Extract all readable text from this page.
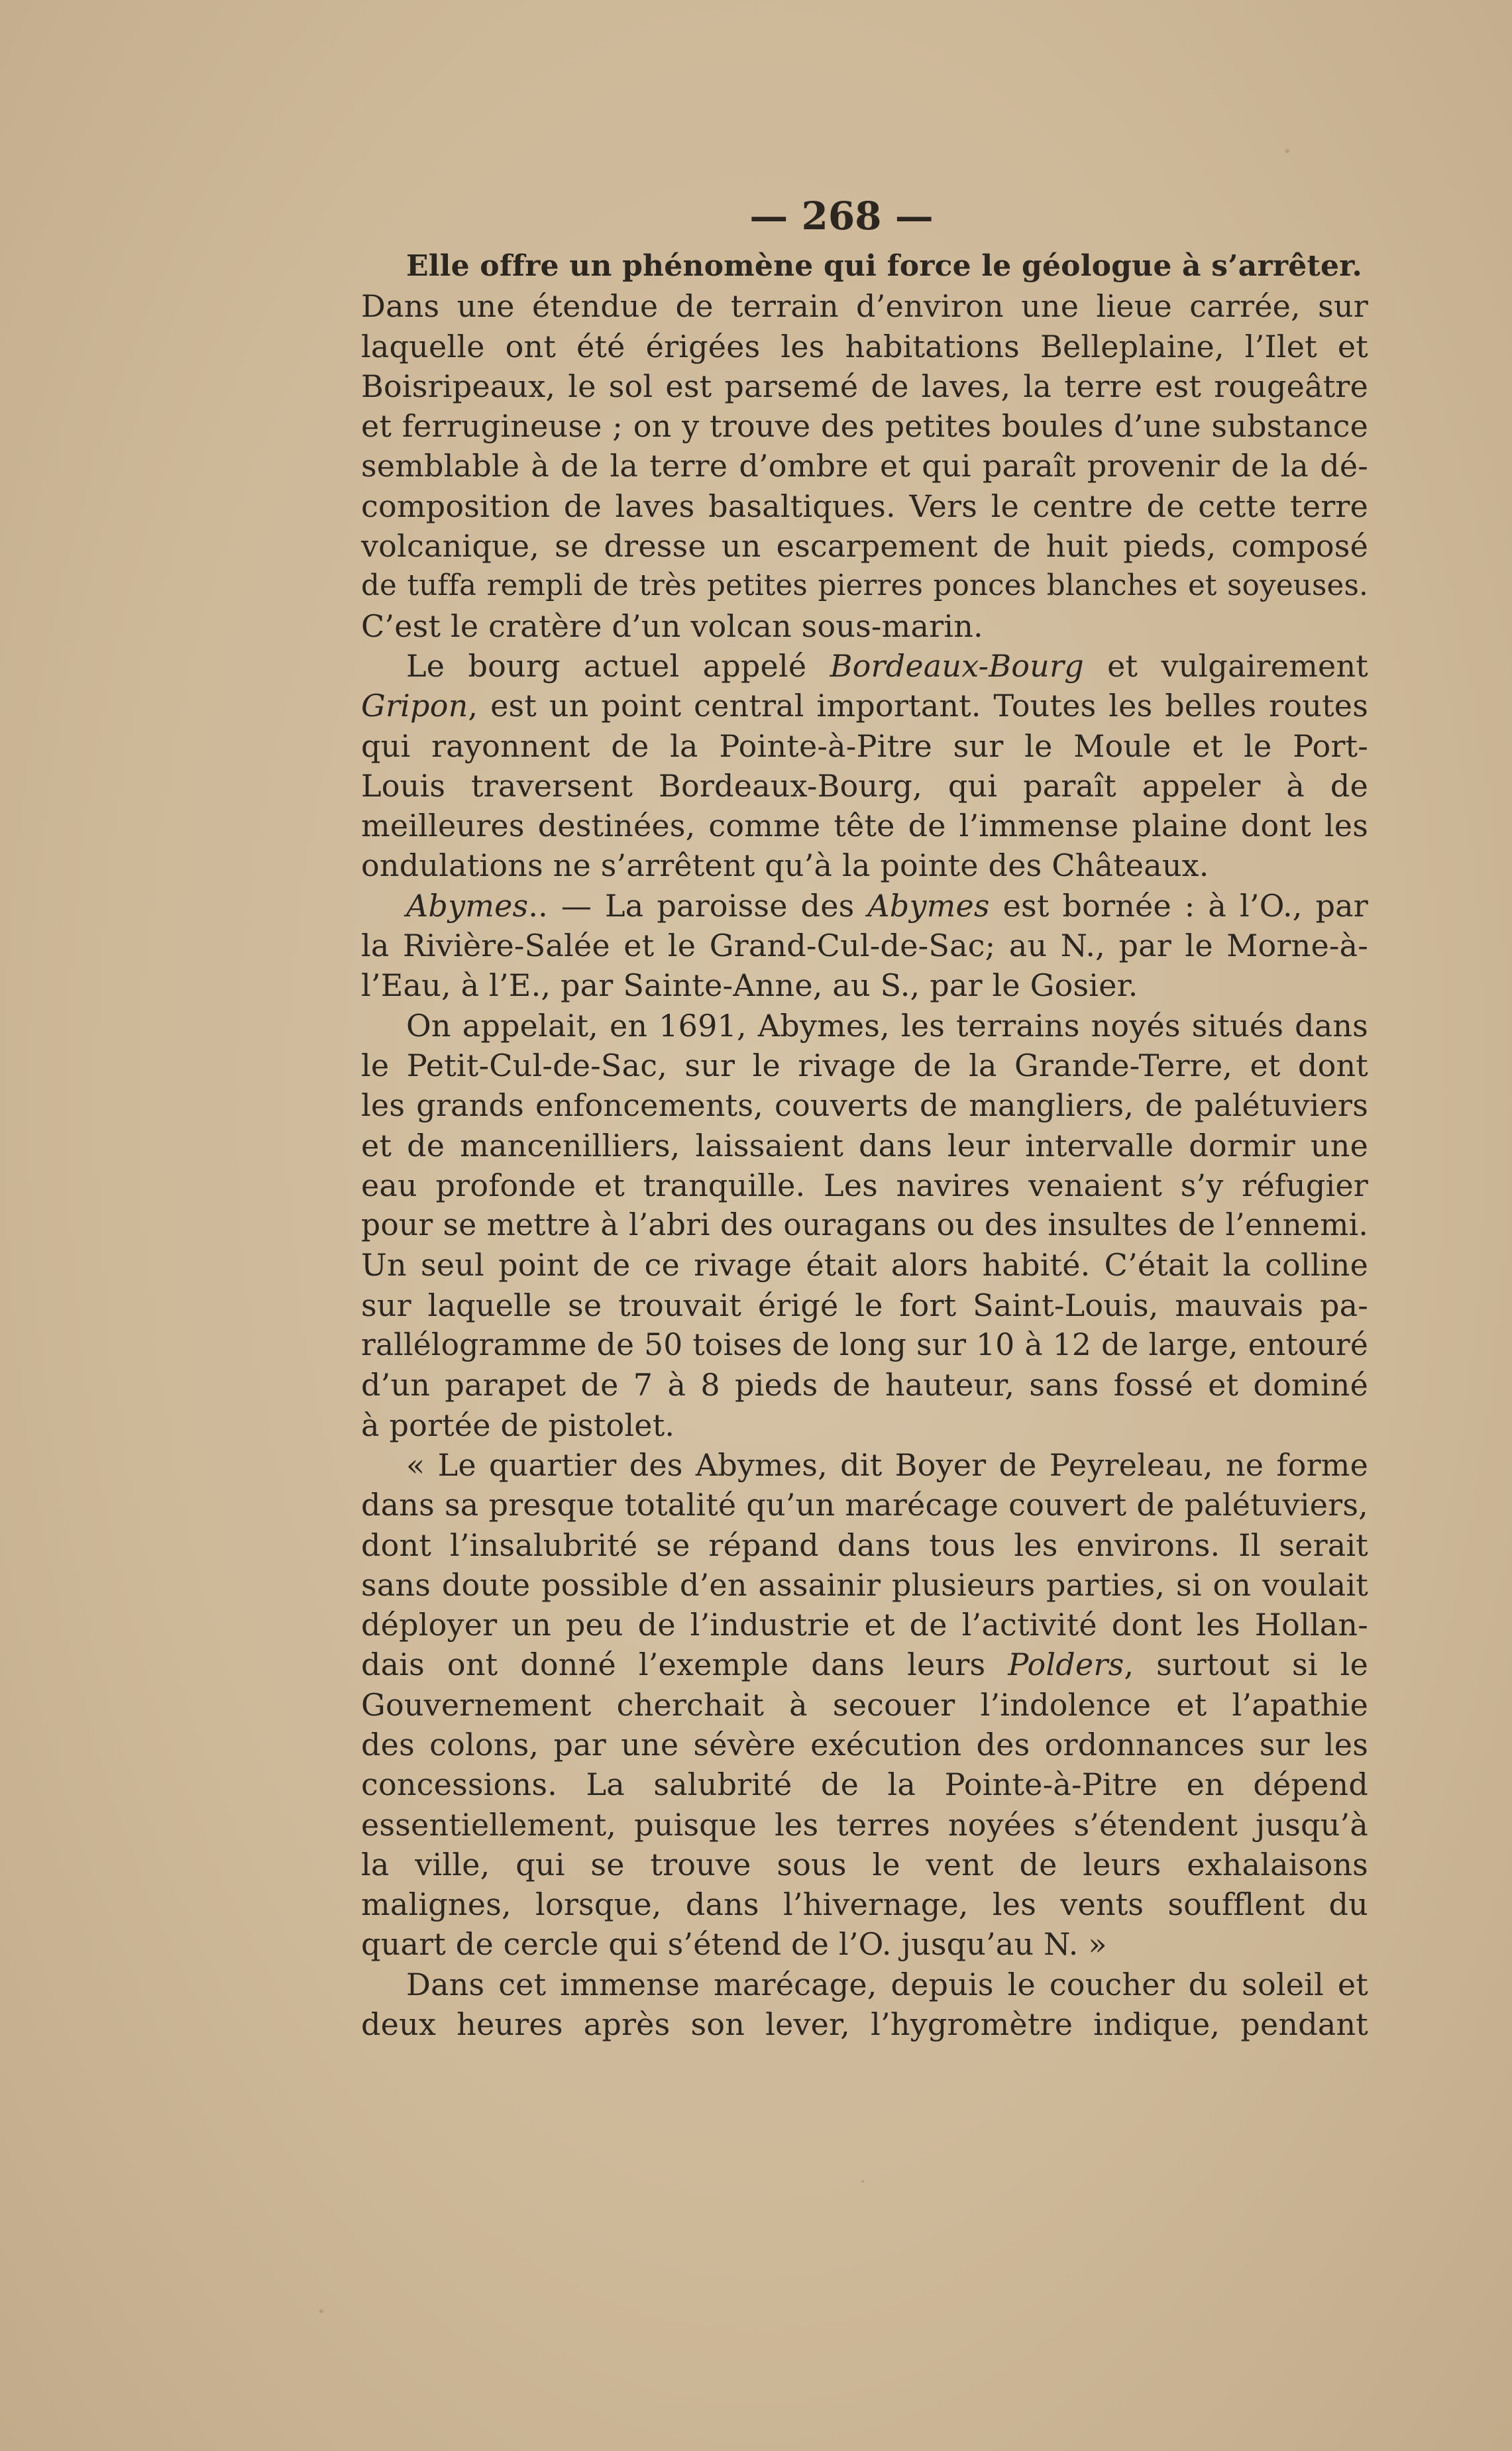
— 268 —
Elle offre un phénomène qui force le géologue à s’arrêter.
Dans une étendue de terrain d’environ une lieue carrée, sur
laquelle ont été érigées les habitations Belleplaine, l’Ilet et
Boisripeaux, le sol est parsemé de laves, la terre est rougeâtre
et ferrugineuse ; on y trouve des petites boules d’une substance
semblable à de la terre d’ombre et qui paraît provenir de la dé-
composition de laves basaltiques. Vers le centre de cette terre
volcanique, se dresse un escarpement de huit pieds, composé
de tuffa rempli de très petites pierres ponces blanches et soyeuses.
C’est le cratère d’un volcan sous-marin.
Le bourg actuel appelé Bordeaux-Bourg et vulgairement
Gripon, est un point central important. Toutes les belles routes
qui rayonnent de la Pointe-à-Pitre sur le Moule et le Port-
Louis traversent Bordeaux-Bourg, qui paraît appeler à de
meilleures destinées, comme tête de l’immense plaine dont les
ondulations ne s’arrêtent qu’à la pointe des Châteaux.
Abymes.. — La paroisse des Abymes est bornée : à l’O., par
la Rivière-Salée et le Grand-Cul-de-Sac; au N., par le Morne-à-
l’Eau, à l’E., par Sainte-Anne, au S., par le Gosier.
On appelait, en 1691, Abymes, les terrains noyés situés dans
le Petit-Cul-de-Sac, sur le rivage de la Grande-Terre, et dont
les grands enfoncements, couverts de mangliers, de palétuviers
et de mancenilliers, laissaient dans leur intervalle dormir une
eau profonde et tranquille. Les navires venaient s’y réfugier
pour se mettre à l’abri des ouragans ou des insultes de l’ennemi.
Un seul point de ce rivage était alors habité. C’était la colline
sur laquelle se trouvait érigé le fort Saint-Louis, mauvais pa-
rallélogramme de 50 toises de long sur 10 à 12 de large, entouré
d’un parapet de 7 à 8 pieds de hauteur, sans fossé et dominé
à portée de pistolet.
« Le quartier des Abymes, dit Boyer de Peyreleau, ne forme
dans sa presque totalité qu’un marécage couvert de palétuviers,
dont l’insalubrité se répand dans tous les environs. Il serait
sans doute possible d’en assainir plusieurs parties, si on voulait
déployer un peu de l’industrie et de l’activité dont les Hollan-
dais ont donné l’exemple dans leurs Polders, surtout si le
Gouvernement cherchait à secouer l’indolence et l’apathie
des colons, par une sévère exécution des ordonnances sur les
concessions. La salubrité de la Pointe-à-Pitre en dépend
essentiellement, puisque les terres noyées s’étendent jusqu’à
la ville, qui se trouve sous le vent de leurs exhalaisons
malignes, lorsque, dans l’hivernage, les vents soufflent du
quart de cercle qui s’étend de l’O. jusqu’au N. »
Dans cet immense marécage, depuis le coucher du soleil et
deux heures après son lever, l’hygromètre indique, pendant
